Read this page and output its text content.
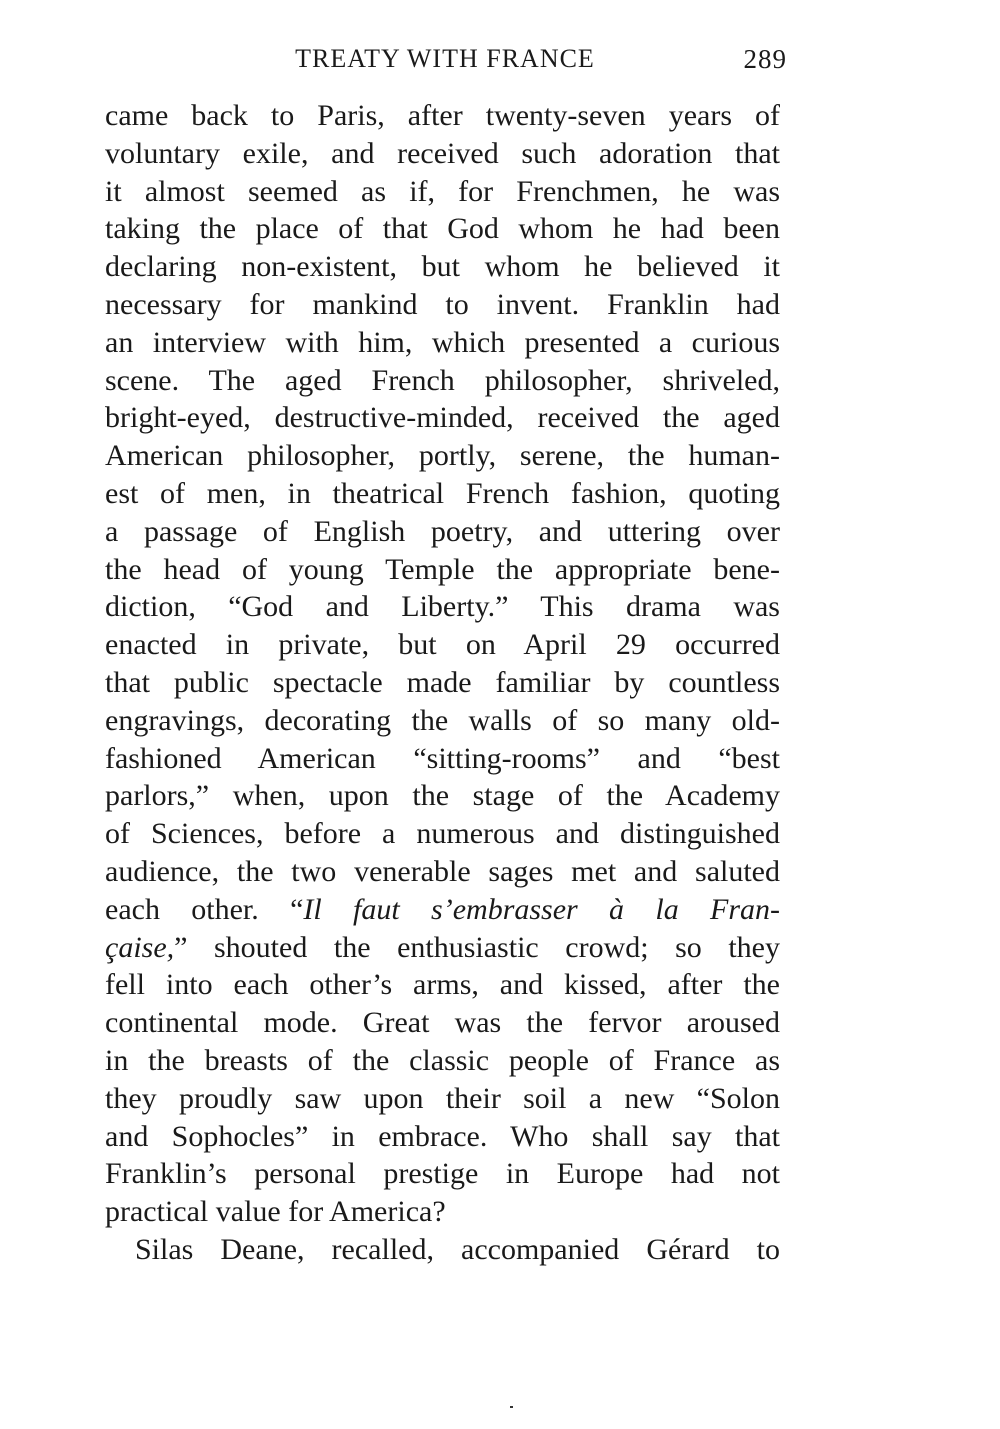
TREATY WITH FRANCE	289
came back to Paris, after twenty-seven years of
voluntary exile, and received such adoration that
it almost seemed as if, for Frenchmen, he was
taking the place of that God whom he had been
declaring non-existent, but whom he believed it
necessary for mankind to invent. Franklin had
an interview with him, which presented a curious
scene. The aged French philosopher, shriveled,
bright-eyed, destructive-minded, received the aged
American philosopher, portly, serene, the human-
est of men, in theatrical French fashion, quoting
a passage of English poetry, and uttering over
the head of young Temple the appropriate bene-
diction, “God and Liberty.” This drama was
enacted in private, but on April 29 occurred
that public spectacle made familiar by countless
engravings, decorating the walls of so many old-
fashioned American “sitting-rooms” and “best
parlors,” when, upon the stage of the Academy
of Sciences, before a numerous and distinguished
audience, the two venerable sages met and saluted
each other. “Il faut s’embrasser à la Fran-
çaise,” shouted the enthusiastic crowd; so they
fell into each other’s arms, and kissed, after the
continental mode. Great was the fervor aroused
in the breasts of the classic people of France as
they proudly saw upon their soil a new “Solon
and Sophocles” in embrace. Who shall say that
Franklin’s personal prestige in Europe had not
practical value for America?
Silas Deane, recalled, accompanied Gérard to
